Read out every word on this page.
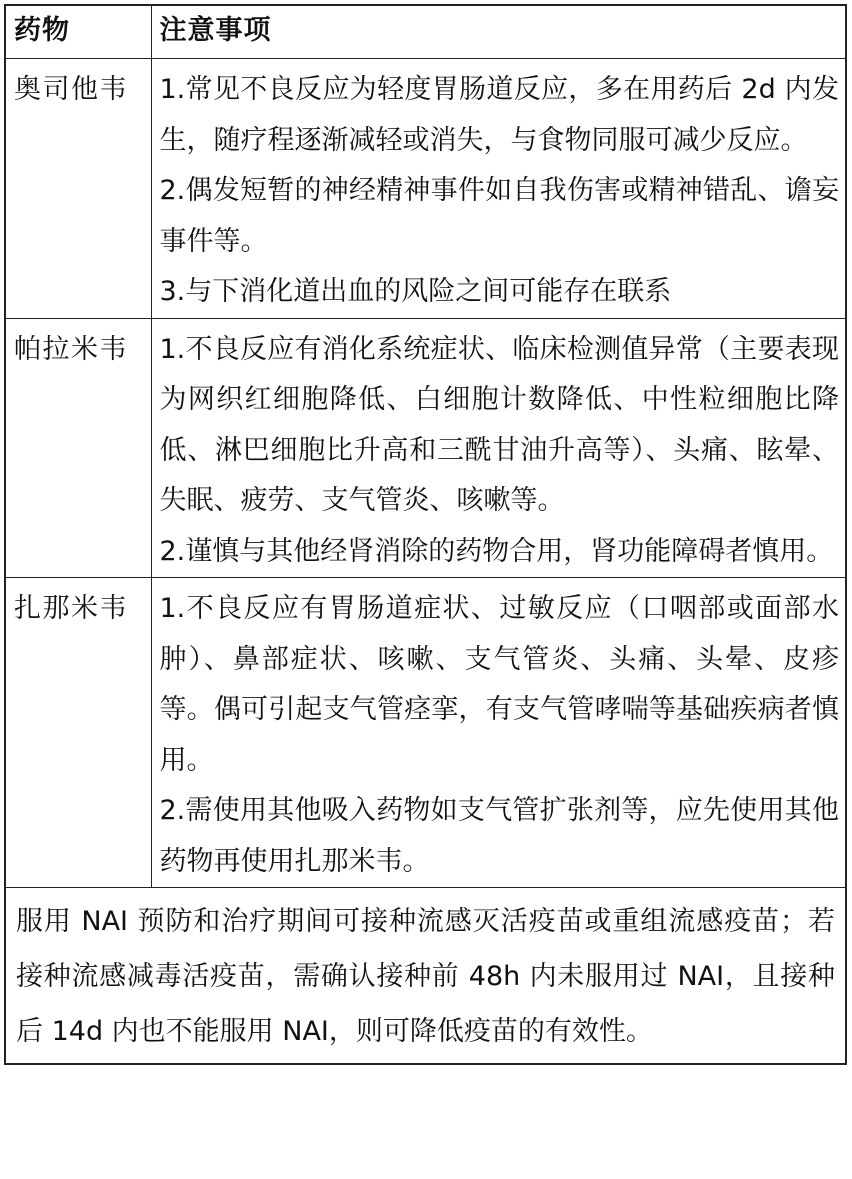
药物	注意事项
奥司他韦	1.常见不良反应为轻度胃肠道反应，多在用药后 2d 内发生，随疗程逐渐减轻或消失，与食物同服可减少反应。

2.偶发短暂的神经精神事件如自我伤害或精神错乱、谵妄事件等。

3.与下消化道出血的风险之间可能存在联系

帕拉米韦	1.不良反应有消化系统症状、临床检测值异常（主要表现为网织红细胞降低、白细胞计数降低、中性粒细胞比降低、淋巴细胞比升高和三酰甘油升高等）、头痛、眩晕、失眠、疲劳、支气管炎、咳嗽等。

2.谨慎与其他经肾消除的药物合用，肾功能障碍者慎用。

扎那米韦	1.不良反应有胃肠道症状、过敏反应（口咽部或面部水肿）、鼻部症状、咳嗽、支气管炎、头痛、头晕、皮疹等。偶可引起支气管痉挛，有支气管哮喘等基础疾病者慎用。

2.需使用其他吸入药物如支气管扩张剂等，应先使用其他药物再使用扎那米韦。

服用 NAI 预防和治疗期间可接种流感灭活疫苗或重组流感疫苗；若接种流感减毒活疫苗，需确认接种前 48h 内未服用过 NAI，且接种后 14d 内也不能服用 NAI，则可降低疫苗的有效性。	
